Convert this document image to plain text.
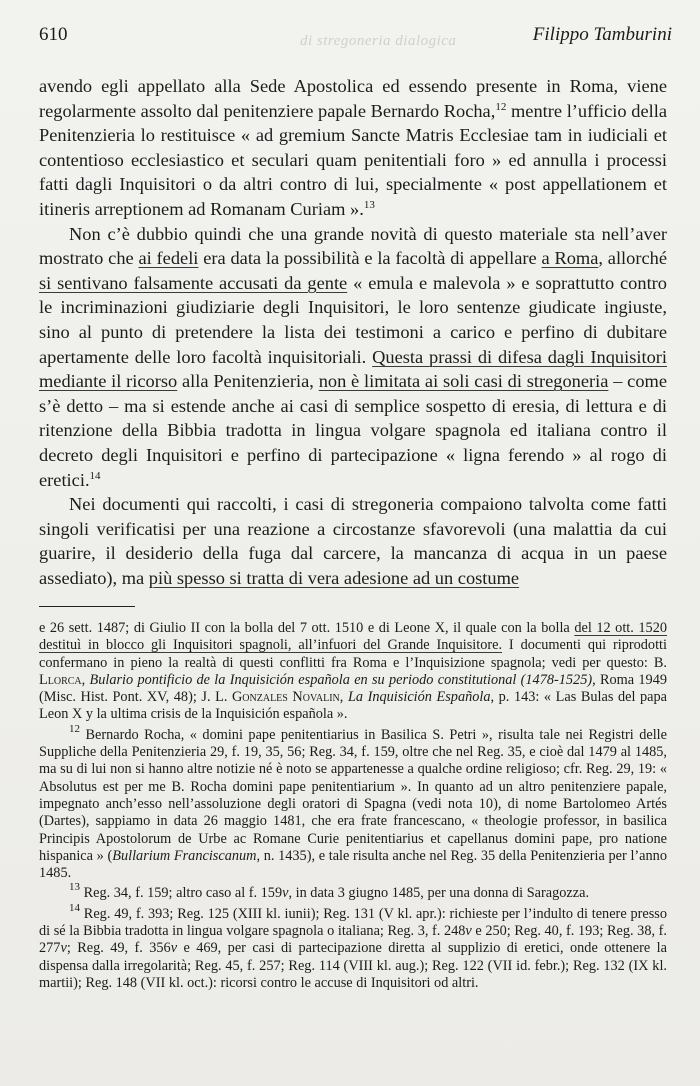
di stregoneria dialogica
610	Filippo Tamburini

avendo egli appellato alla Sede Apostolica ed essendo presente in Roma, viene regolarmente assolto dal penitenziere papale Bernardo Rocha,$^{12}$ mentre l’ufficio della Penitenzieria lo restituisce « ad gremium Sancte Matris Ecclesiae tam in iudiciali et contentioso ecclesiastico et seculari quam penitentiali foro » ed annulla i processi fatti dagli Inquisitori o da altri contro di lui, specialmente « post appellationem et itineris arreptionem ad Romanam Curiam ».$^{13}$

Non c’è dubbio quindi che una grande novità di questo materiale sta nell’aver mostrato che ai fedeli era data la possibilità e la facoltà di appellare a Roma, allorché si sentivano falsamente accusati da gente « emula e malevola » e soprattutto contro le incriminazioni giudiziarie degli Inquisitori, le loro sentenze giudicate ingiuste, sino al punto di pretendere la lista dei testimoni a carico e perfino di dubitare apertamente delle loro facoltà inquisitoriali. Questa prassi di difesa dagli Inquisitori mediante il ricorso alla Penitenzieria, non è limitata ai soli casi di stregoneria – come s’è detto – ma si estende anche ai casi di semplice sospetto di eresia, di lettura e di ritenzione della Bibbia tradotta in lingua volgare spagnola ed italiana contro il decreto degli Inquisitori e perfino di partecipazione « ligna ferendo » al rogo di eretici.$^{14}$

Nei documenti qui raccolti, i casi di stregoneria compaiono talvolta come fatti singoli verificatisi per una reazione a circostanze sfavorevoli (una malattia da cui guarire, il desiderio della fuga dal carcere, la mancanza di acqua in un paese assediato), ma più spesso si tratta di vera adesione ad un costume

e 26 sett. 1487; di Giulio II con la bolla del 7 ott. 1510 e di Leone X, il quale con la bolla del 12 ott. 1520 destituì in blocco gli Inquisitori spagnoli, all’infuori del Grande Inquisitore. I documenti qui riprodotti confermano in pieno la realtà di questi conflitti fra Roma e l’Inquisizione spagnola; vedi per questo: B. Llorca, Bulario pontificio de la Inquisición española en su periodo constitutional (1478-1525), Roma 1949 (Misc. Hist. Pont. XV, 48); J. L. Gonzales Novalin, La Inquisición Española, p. 143: « Las Bulas del papa Leon X y la ultima crisis de la Inquisición española ».

$^{12}$ Bernardo Rocha, « domini pape penitentiarius in Basilica S. Petri », risulta tale nei Registri delle Suppliche della Penitenzieria 29, f. 19, 35, 56; Reg. 34, f. 159, oltre che nel Reg. 35, e cioè dal 1479 al 1485, ma su di lui non si hanno altre notizie né è noto se appartenesse a qualche ordine religioso; cfr. Reg. 29, 19: « Absolutus est per me B. Rocha domini pape penitentiarium ». In quanto ad un altro penitenziere papale, impegnato anch’esso nell’assoluzione degli oratori di Spagna (vedi nota 10), di nome Bartolomeo Artés (Dartes), sappiamo in data 26 maggio 1481, che era frate francescano, « theologie professor, in basilica Principis Apostolorum de Urbe ac Romane Curie penitentiarius et capellanus domini pape, pro natione hispanica » (Bullarium Franciscanum, n. 1435), e tale risulta anche nel Reg. 35 della Penitenzieria per l’anno 1485.

$^{13}$ Reg. 34, f. 159; altro caso al f. 159v, in data 3 giugno 1485, per una donna di Saragozza.

$^{14}$ Reg. 49, f. 393; Reg. 125 (XIII kl. iunii); Reg. 131 (V kl. apr.): richieste per l’indulto di tenere presso di sé la Bibbia tradotta in lingua volgare spagnola o italiana; Reg. 3, f. 248v e 250; Reg. 40, f. 193; Reg. 38, f. 277v; Reg. 49, f. 356v e 469, per casi di partecipazione diretta al supplizio di eretici, onde ottenere la dispensa dalla irregolarità; Reg. 45, f. 257; Reg. 114 (VIII kl. aug.); Reg. 122 (VII id. febr.); Reg. 132 (IX kl. martii); Reg. 148 (VII kl. oct.): ricorsi contro le accuse di Inquisitori od altri.
